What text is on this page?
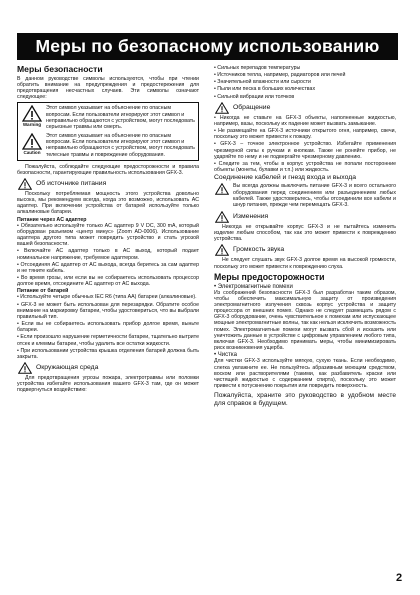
Меры по безопасному использованию
Меры безопасности

В данном руководстве символы используются, чтобы при чтении обратить внимание на предупреждения и предостережения для предотвращения несчастных случаев. Эти символы означают следующее:

Warning
Этот символ указывает на объяснение по опасным вопросам. Если пользователи игнорируют этот символ и неправильно обращаются с устройством, могут последовать серьезные травмы или смерть.
Caution
Этот символ указывает на объяснение по опасным вопросам. Если пользователи игнорируют этот символ и неправильно обращаются с устройством, могут последовать телесные травмы и повреждение оборудования.

Пожалуйста, соблюдайте следующие предосторожности и правила безопасности, гарантирующие правильность использования GFX-3.

Об источнике питания

Поскольку потребляемая мощность этого устройства довольно высока, мы рекомендуем всегда, когда это возможно, использовать AC адаптер. При включении устройства от батарей используйте только алкалиновые батареи.

Питание через AC адаптер

• Обязательно используйте только AC адаптер 9 V DC, 300 mA, который оборудован разъемом «центр минус» (Zoom AD-0006). Использование адаптера другого типа может повредить устройство и стать угрозой вашей безопасности.

• Включайте AC адаптер только в AC выход, который подает номинальное напряжение, требуемое адаптером.

• Отсоединяя AC адаптер от AC выхода, всегда беритесь за сам адаптер и не тяните кабель.

• Во время грозы, или если вы не собираетесь использовать процессор долгое время, отсоедините AC адаптер от AC выхода.

Питание от батарей

• Используйте четыре обычных IEC R6 (типа AA) батареи (алкалиновые).

• GFX-3 не может быть использован для перезарядки. Обратите особое внимание на маркировку батареи, чтобы удостовериться, что вы выбрали правильный тип.

• Если вы не собираетесь использовать прибор долгое время, выньте батареи.

• Если произошло нарушение герметичности батареи, тщательно вытрите отсек и клеммы батареи, чтобы удалить все остатки жидкости.

• При использовании устройства крышка отделения батарей должна быть закрыта.

Окружающая среда

Для предотвращения угрозы пожара, электротравмы или поломки устройства избегайте использования вашего GFX-3 там, где он может подвергнуться воздействию:

• Сильных перепадов температуры

• Источников тепла, например, радиаторов или печей

• Значительной влажности или сырости

• Пыли или песка в больших количествах

• Сильной вибрации или толчков

Обращение

• Никогда не ставьте на GFX-3 объекты, наполненные жидкостью, например, вазы, поскольку их падение может вызвать замыкание.

• Не размещайте на GFX-3 источники открытого огня, например, свечи, поскольку это может привести к пожару.

• GFX-3 – точное электронное устройство. Избегайте применения чрезмерной силы к ручкам и кнопкам. Также не роняйте прибор, не ударяйте по нему и не подвергайте чрезмерному давлению.

• Следите за тем, чтобы в корпус устройства не попали посторонние объекты (монеты, булавки и т.п.) или жидкость.

Соединение кабелей и гнезд входа и выхода

Вы всегда должны выключить питание GFX-3 и всего остального оборудования перед соединением или разъединением любых кабелей. Также удостоверьтесь, чтобы отсоединили все кабели и шнур питания, прежде чем перемещать GFX-3.

Изменения

Никогда не открывайте корпус GFX-3 и не пытайтесь изменить изделие любым способом, так как это может привести к повреждению устройства.

Громкость звука

Не следует слушать звук GFX-3 долгое время на высокой громкости, поскольку это может привести к повреждению слуха.

Меры предосторожности
• Электромагнитные помехи

Из соображений безопасности GFX-3 был разработан таким образом, чтобы обеспечить максимальную защиту от произведения электромагнитного излучения сквозь корпус устройства и защиту процессора от внешних помех. Однако не следует размещать рядом с GFX-3 оборудование, очень чувствительное к помехам или испускающее мощные электромагнитные волны, так как нельзя исключить возможность помех. Электромагнитные помехи могут вызвать сбой и исказить или уничтожить данные в устройстве с цифровым управлением любого типа, включая GFX-3. Необходимо принимать меры, чтобы минимизировать риск возникновения ущерба.

• Чистка

Для чистки GFX-3 используйте мягкую, сухую ткань. Если необходимо, слегка увлажните ее. Не пользуйтесь абразивным моющим средством, воском или растворителями (такими, как разбавитель краски или чистящей жидкостью с содержанием спирта), поскольку это может привести к потускнению покрытия или повредить поверхность.

Пожалуйста, храните это руководство в удобном месте для справок в будущем.

2
